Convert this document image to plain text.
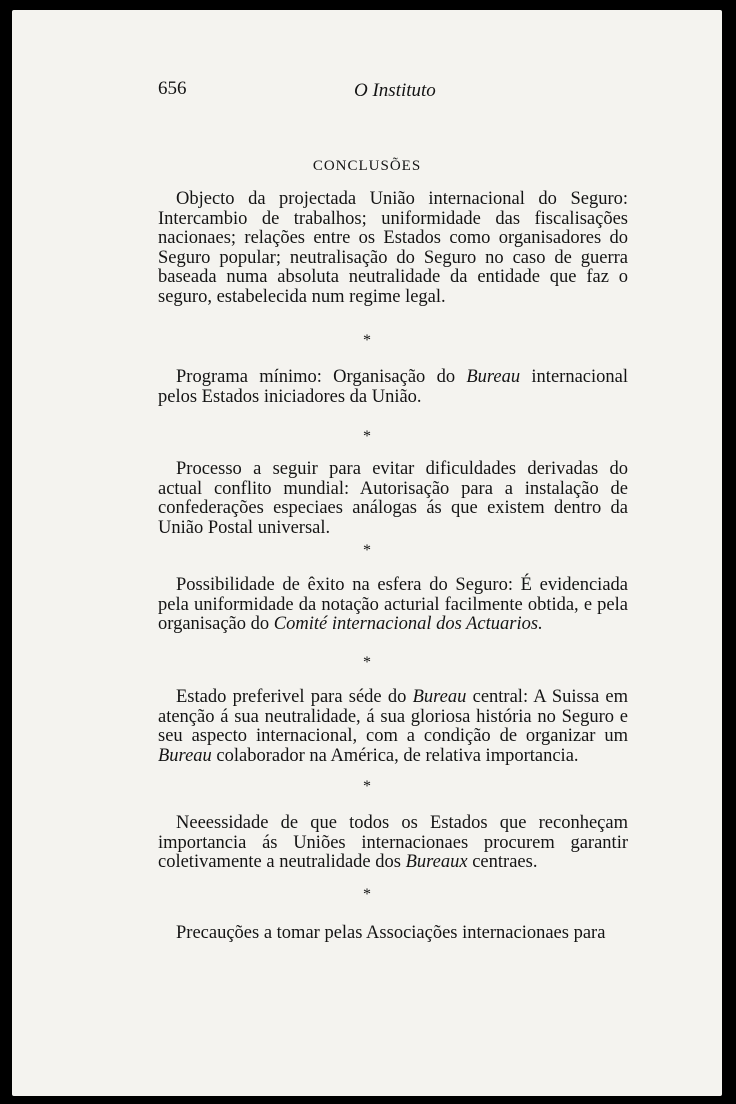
656	O Instituto
CONCLUSÕES

Objecto da projectada União internacional do Seguro: Intercambio de trabalhos; uniformidade das fiscalisações nacionaes; relações entre os Estados como organisadores do Seguro popular; neutralisação do Seguro no caso de guerra baseada numa absoluta neutralidade da entidade que faz o seguro, estabelecida num regime legal.

*

Programa mínimo: Organisação do Bureau internacional pelos Estados iniciadores da União.

*

Processo a seguir para evitar dificuldades derivadas do actual conflito mundial: Autorisação para a instalação de confederações especiaes análogas ás que existem dentro da União Postal universal.

*

Possibilidade de êxito na esfera do Seguro: É evidenciada pela uniformidade da notação acturial facilmente obtida, e pela organisação do Comité internacional dos Actuarios.

*

Estado preferivel para séde do Bureau central: A Suissa em atenção á sua neutralidade, á sua gloriosa história no Seguro e seu aspecto internacional, com a condição de organizar um Bureau colaborador na América, de relativa importancia.

*

Neeessidade de que todos os Estados que reconheçam importancia ás Uniões internacionaes procurem garantir coletivamente a neutralidade dos Bureaux centraes.

*

Precauções a tomar pelas Associações internacionaes para
